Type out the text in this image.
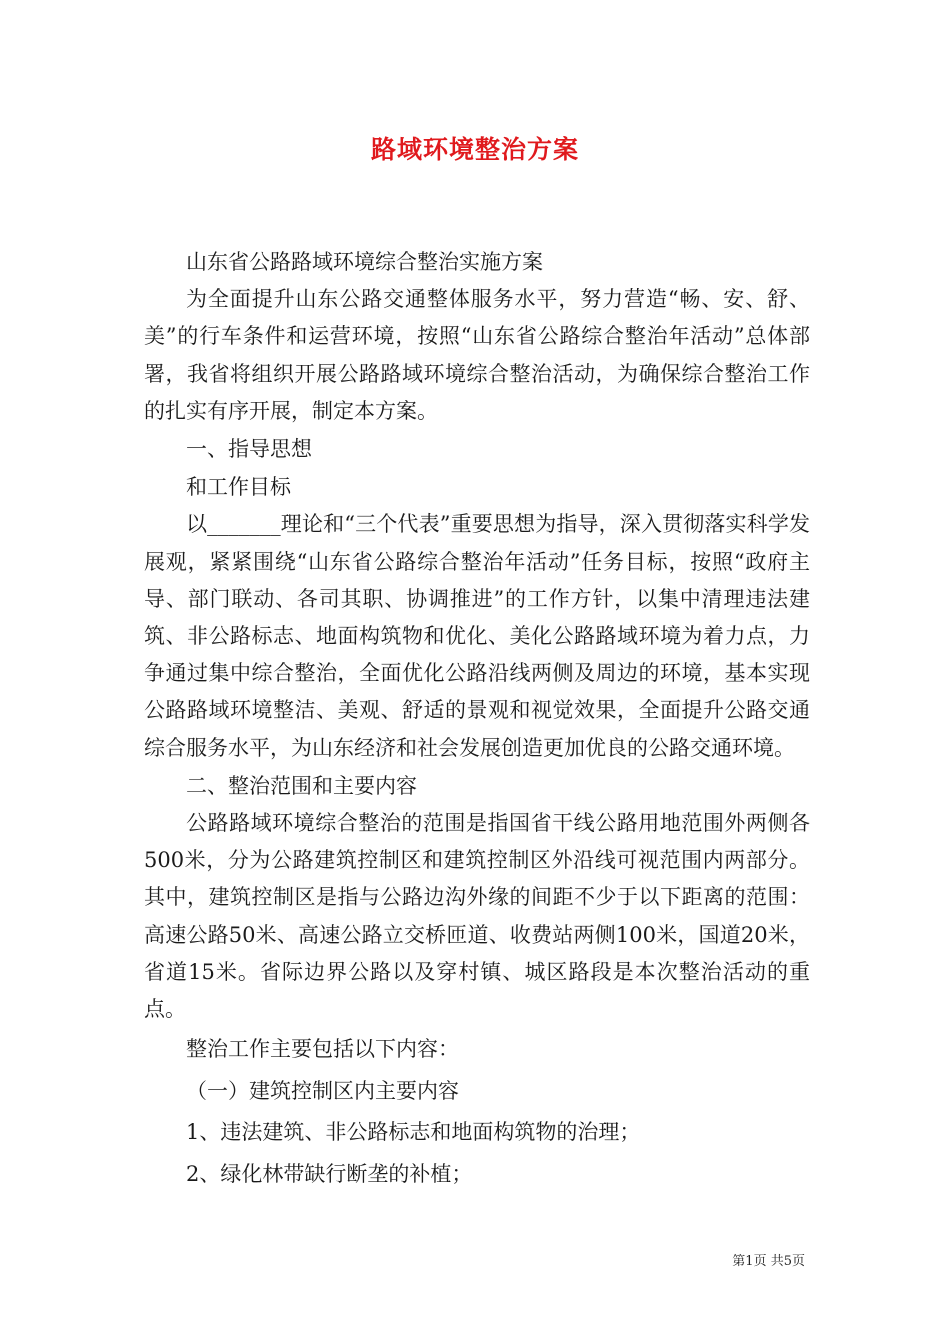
路域环境整治方案

山东省公路路域环境综合整治实施方案

为全面提升山东公路交通整体服务水平，努力营造“畅、安、舒、美”的行车条件和运营环境，按照“山东省公路综合整治年活动”总体部署，我省将组织开展公路路域环境综合整治活动，为确保综合整治工作的扎实有序开展，制定本方案。

一、指导思想

和工作目标

以_______理论和“三个代表”重要思想为指导，深入贯彻落实科学发展观，紧紧围绕“山东省公路综合整治年活动”任务目标，按照“政府主导、部门联动、各司其职、协调推进”的工作方针，以集中清理违法建筑、非公路标志、地面构筑物和优化、美化公路路域环境为着力点，力争通过集中综合整治，全面优化公路沿线两侧及周边的环境，基本实现公路路域环境整洁、美观、舒适的景观和视觉效果，全面提升公路交通综合服务水平，为山东经济和社会发展创造更加优良的公路交通环境。

二、整治范围和主要内容

公路路域环境综合整治的范围是指国省干线公路用地范围外两侧各500米，分为公路建筑控制区和建筑控制区外沿线可视范围内两部分。其中，建筑控制区是指与公路边沟外缘的间距不少于以下距离的范围：高速公路50米、高速公路立交桥匝道、收费站两侧100米，国道20米，省道15米。省际边界公路以及穿村镇、城区路段是本次整治活动的重点。

整治工作主要包括以下内容：

（一）建筑控制区内主要内容

1、违法建筑、非公路标志和地面构筑物的治理；

2、绿化林带缺行断垄的补植；

第1页 共5页
